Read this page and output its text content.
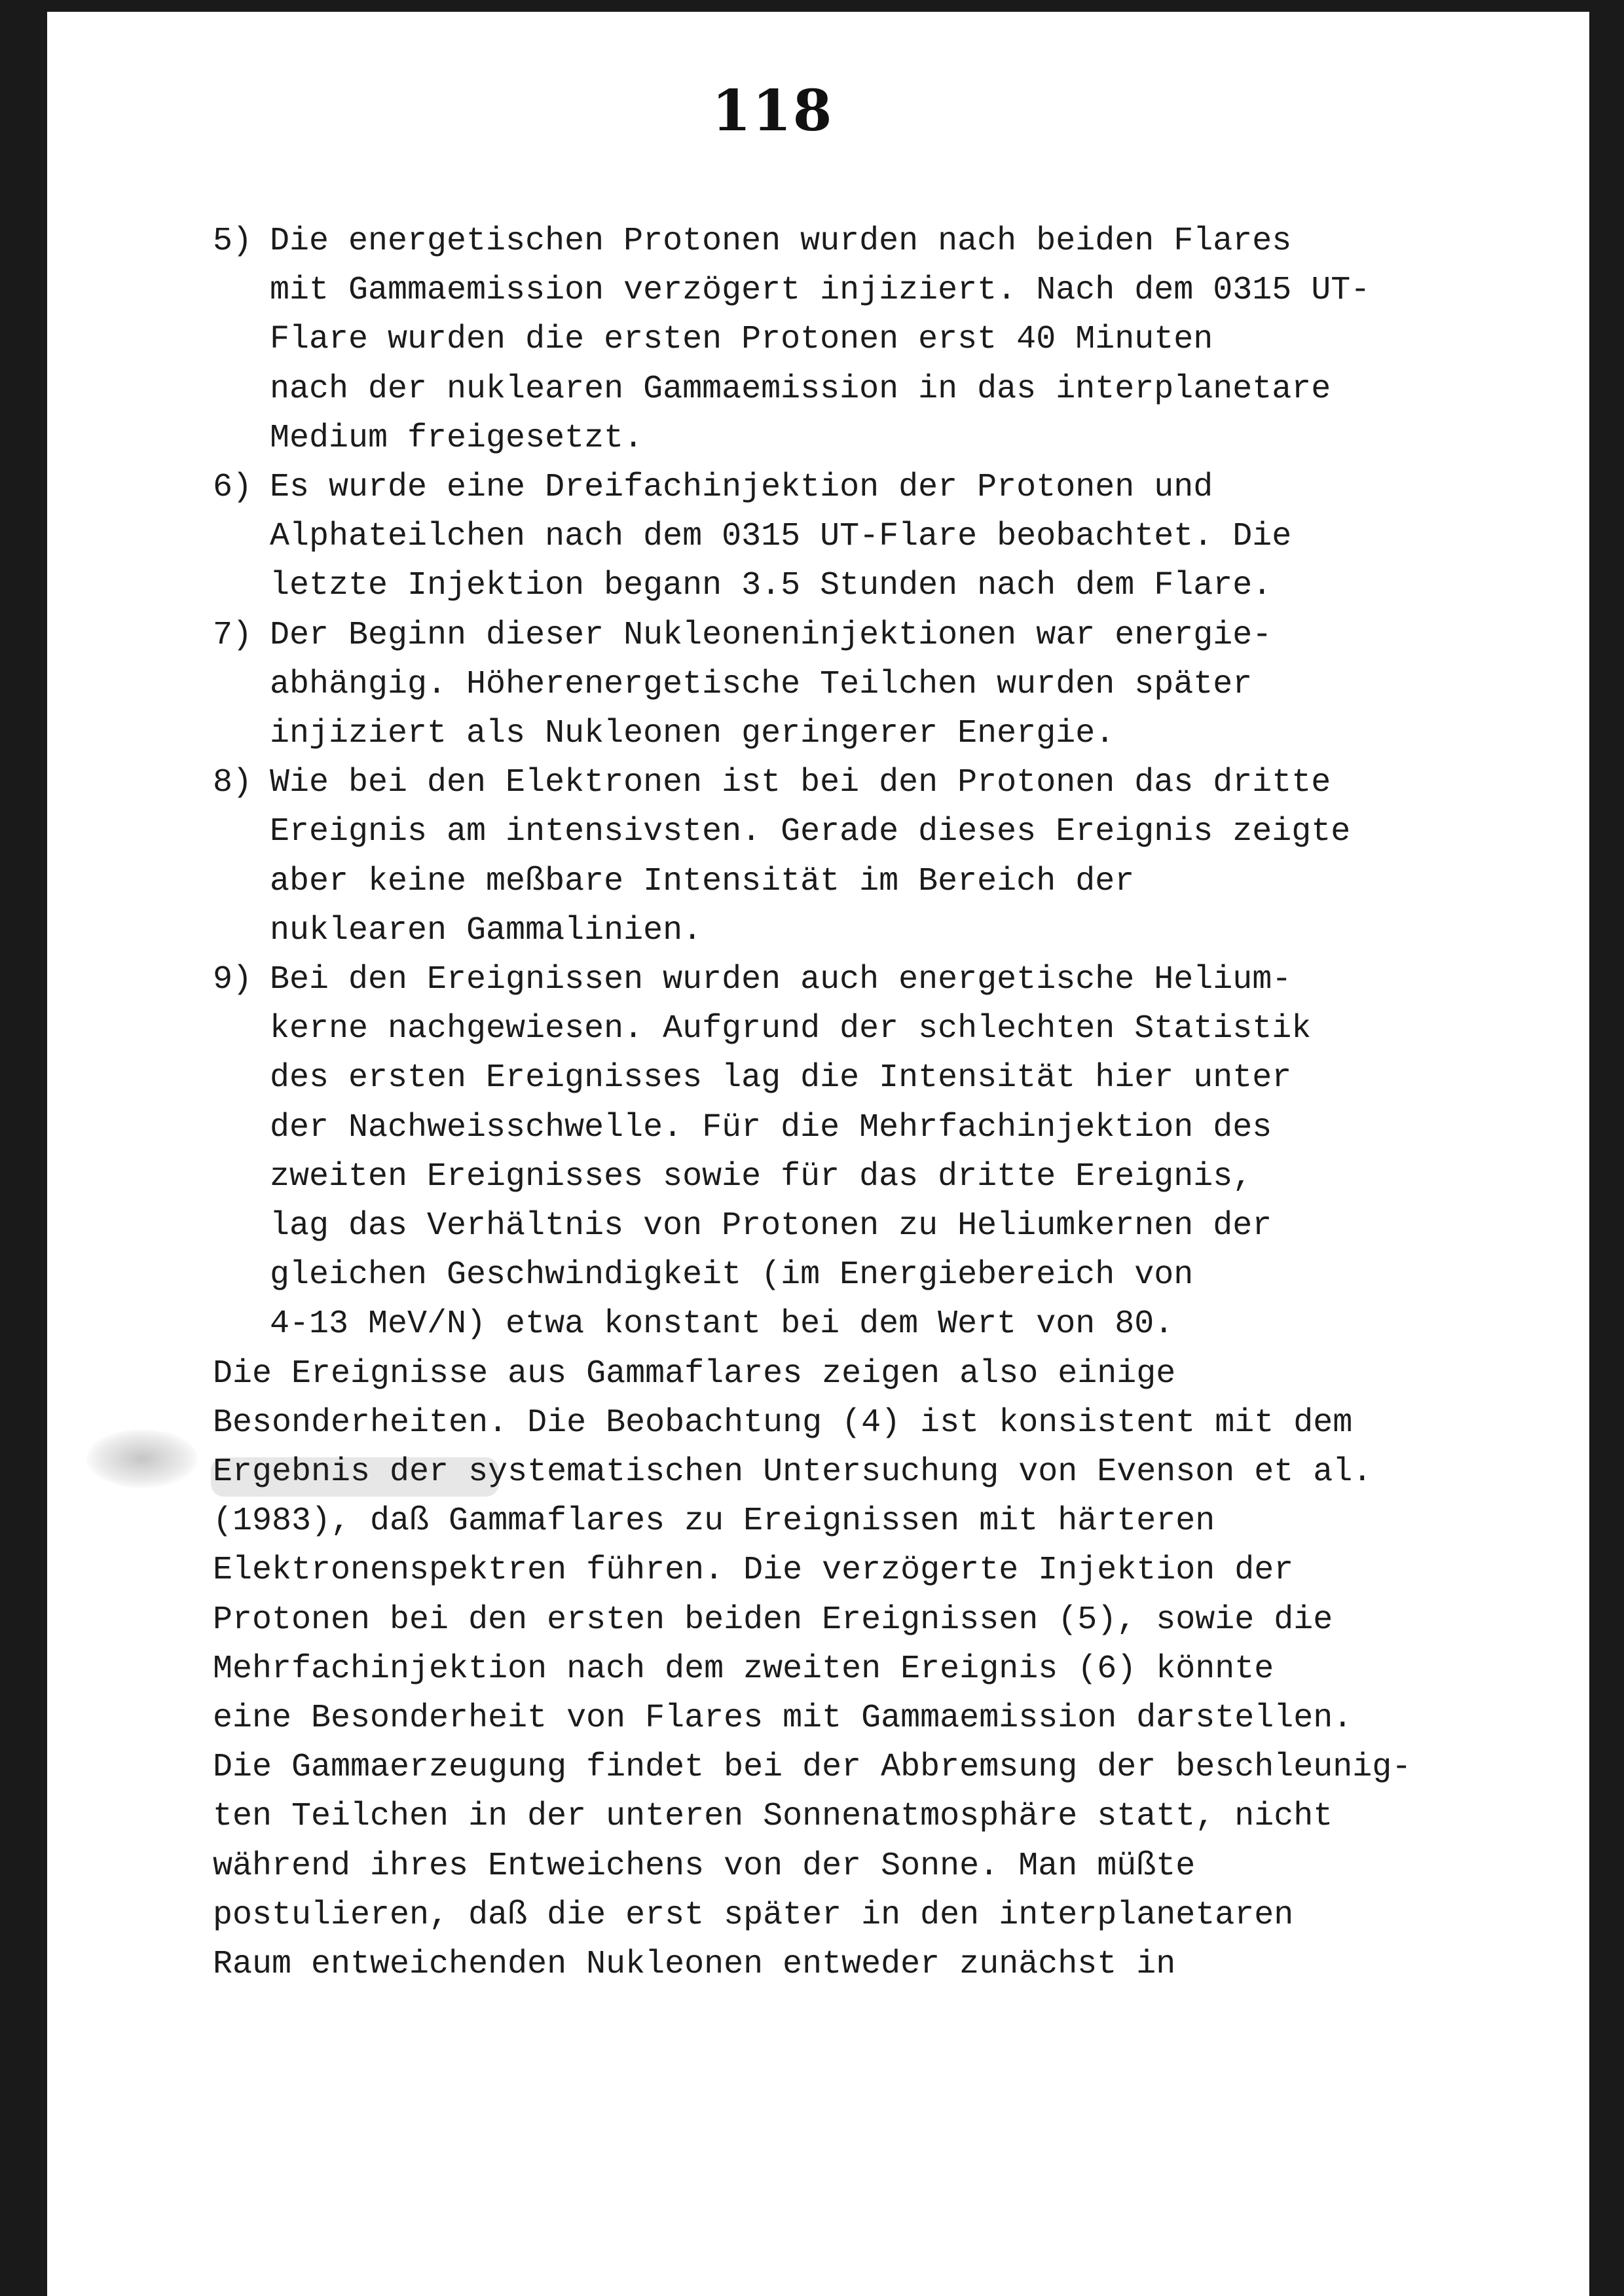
118
5) Die energetischen Protonen wurden nach beiden Flares
mit Gammaemission verzögert injiziert. Nach dem 0315 UT-
Flare wurden die ersten Protonen erst 40 Minuten
nach der nuklearen Gammaemission in das interplanetare
Medium freigesetzt.
6) Es wurde eine Dreifachinjektion der Protonen und
Alphateilchen nach dem 0315 UT-Flare beobachtet. Die
letzte Injektion begann 3.5 Stunden nach dem Flare.
7) Der Beginn dieser Nukleoneninjektionen war energie-
abhängig. Höherenergetische Teilchen wurden später
injiziert als Nukleonen geringerer Energie.
8) Wie bei den Elektronen ist bei den Protonen das dritte
Ereignis am intensivsten. Gerade dieses Ereignis zeigte
aber keine meßbare Intensität im Bereich der
nuklearen Gammalinien.
9) Bei den Ereignissen wurden auch energetische Helium-
kerne nachgewiesen. Aufgrund der schlechten Statistik
des ersten Ereignisses lag die Intensität hier unter
der Nachweisschwelle. Für die Mehrfachinjektion des
zweiten Ereignisses sowie für das dritte Ereignis,
lag das Verhältnis von Protonen zu Heliumkernen der
gleichen Geschwindigkeit (im Energiebereich von
4-13 MeV/N) etwa konstant bei dem Wert von 80.
Die Ereignisse aus Gammaflares zeigen also einige
Besonderheiten. Die Beobachtung (4) ist konsistent mit dem
Ergebnis der systematischen Untersuchung von Evenson et al.
(1983), daß Gammaflares zu Ereignissen mit härteren
Elektronenspektren führen. Die verzögerte Injektion der
Protonen bei den ersten beiden Ereignissen (5), sowie die
Mehrfachinjektion nach dem zweiten Ereignis (6) könnte
eine Besonderheit von Flares mit Gammaemission darstellen.
Die Gammaerzeugung findet bei der Abbremsung der beschleunig-
ten Teilchen in der unteren Sonnenatmosphäre statt, nicht
während ihres Entweichens von der Sonne. Man müßte
postulieren, daß die erst später in den interplanetaren
Raum entweichenden Nukleonen entweder zunächst in
